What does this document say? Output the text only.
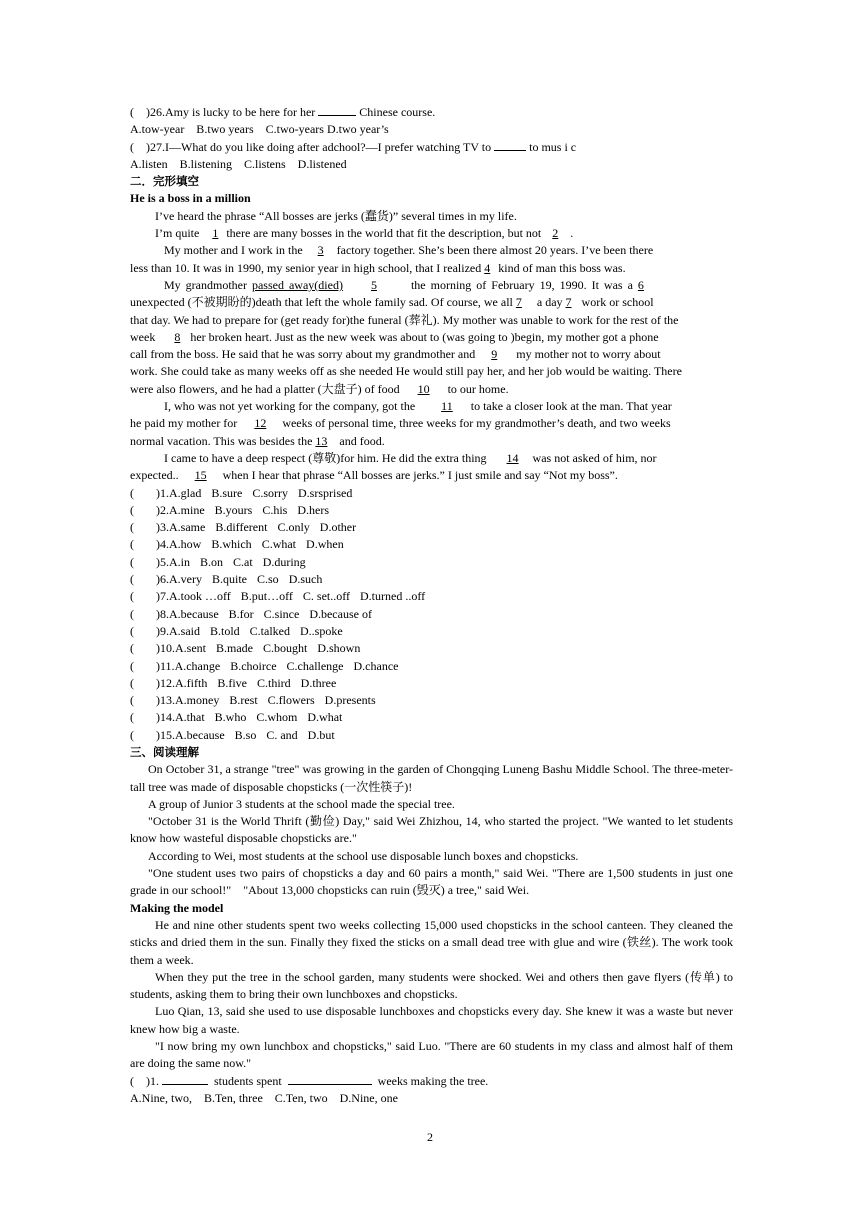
( )26.Amy is lucky to be here for her	Chinese course.
A.tow-year    B.two years    C.two-years D.two year’s
( )27.I—What do you like doing after adchool?—I prefer watching TV to	to mus i c
A.listen    B.listening    C.listens    D.listened
二．完形填空
He is a boss in a million
I’ve heard the phrase “All bosses are jerks (蠢货)” several times in my life.
I’m quite 1 there are many bosses in the world that fit the description, but not 2 .
My mother and I work in the 3 factory together. She’s been there almost 20 years. I’ve been there
less than 10. It was in 1990, my senior year in high school, that I realized 4 kind of man this boss was.
My grandmother passed away(died) 5	the morning of February 19, 1990. It was a 6
unexpected (不被期盼的)death that left the whole family sad. Of course, we all 7 a day 7 work or school
that day. We had to prepare for (get ready for)the funeral (葬礼). My mother was unable to work for the rest of the
week 8 her broken heart. Just as the new week was about to (was going to )begin, my mother got a phone
call from the boss. He said that he was sorry about my grandmother and 9 my mother not to worry about
work. She could take as many weeks off as she needed He would still pay her, and her job would be waiting. There
were also flowers, and he had a platter (大盘子) of food 10 to our home.
I, who was not yet working for the company, got the 11 to take a closer look at the man. That year
he paid my mother for 12 weeks of personal time, three weeks for my grandmother’s death, and two weeks
normal vacation. This was besides the 13 and food.
I came to have a deep respect (尊敬)for him. He did the extra thing 14 was not asked of him, nor
expected.. 15 when I hear that phrase “All bosses are jerks.” I just smile and say “Not my boss”.
( )1.A.glad B.sure C.sorry D.srsprised
( )2.A.mine B.yours C.his D.hers
( )3.A.same B.different C.only D.other
( )4.A.how B.which C.what D.when
( )5.A.in B.on C.at D.during
( )6.A.very B.quite C.so D.such
( )7.A.took …off B.put…off C. set..off D.turned ..off
( )8.A.because B.for C.since D.because of
( )9.A.said B.told C.talked D..spoke
( )10.A.sent B.made C.bought D.shown
( )11.A.change B.choirce C.challenge D.chance
( )12.A.fifth B.five C.third D.three
( )13.A.money B.rest C.flowers D.presents
( )14.A.that B.who C.whom D.what
( )15.A.because B.so C. and D.but
三、阅读理解
On October 31, a strange "tree" was growing in the garden of Chongqing Luneng Bashu Middle School. The three-meter-tall tree was made of disposable chopsticks (一次性筷子)!
A group of Junior 3 students at the school made the special tree.
"October 31 is the World Thrift (勤俭) Day," said Wei Zhizhou, 14, who started the project. "We wanted to let students know how wasteful disposable chopsticks are."
According to Wei, most students at the school use disposable lunch boxes and chopsticks.
"One student uses two pairs of chopsticks a day and 60 pairs a month," said Wei. "There are 1,500 students in just one grade in our school!"    "About 13,000 chopsticks can ruin (毁灭) a tree," said Wei.
Making the model
He and nine other students spent two weeks collecting 15,000 used chopsticks in the school canteen. They cleaned the sticks and dried them in the sun. Finally they fixed the sticks on a small dead tree with glue and wire (铁丝). The work took them a week.
When they put the tree in the school garden, many students were shocked. Wei and others then gave flyers (传单) to students, asking them to bring their own lunchboxes and chopsticks.
Luo Qian, 13, said she used to use disposable lunchboxes and chopsticks every day. She knew it was a waste but never knew how big a waste.
"I now bring my own lunchbox and chopsticks," said Luo. "There are 60 students in my class and almost half of them are doing the same now."
( )1.	students spent	weeks making the tree.
A.Nine, two,    B.Ten, three    C.Ten, two    D.Nine, one
2
